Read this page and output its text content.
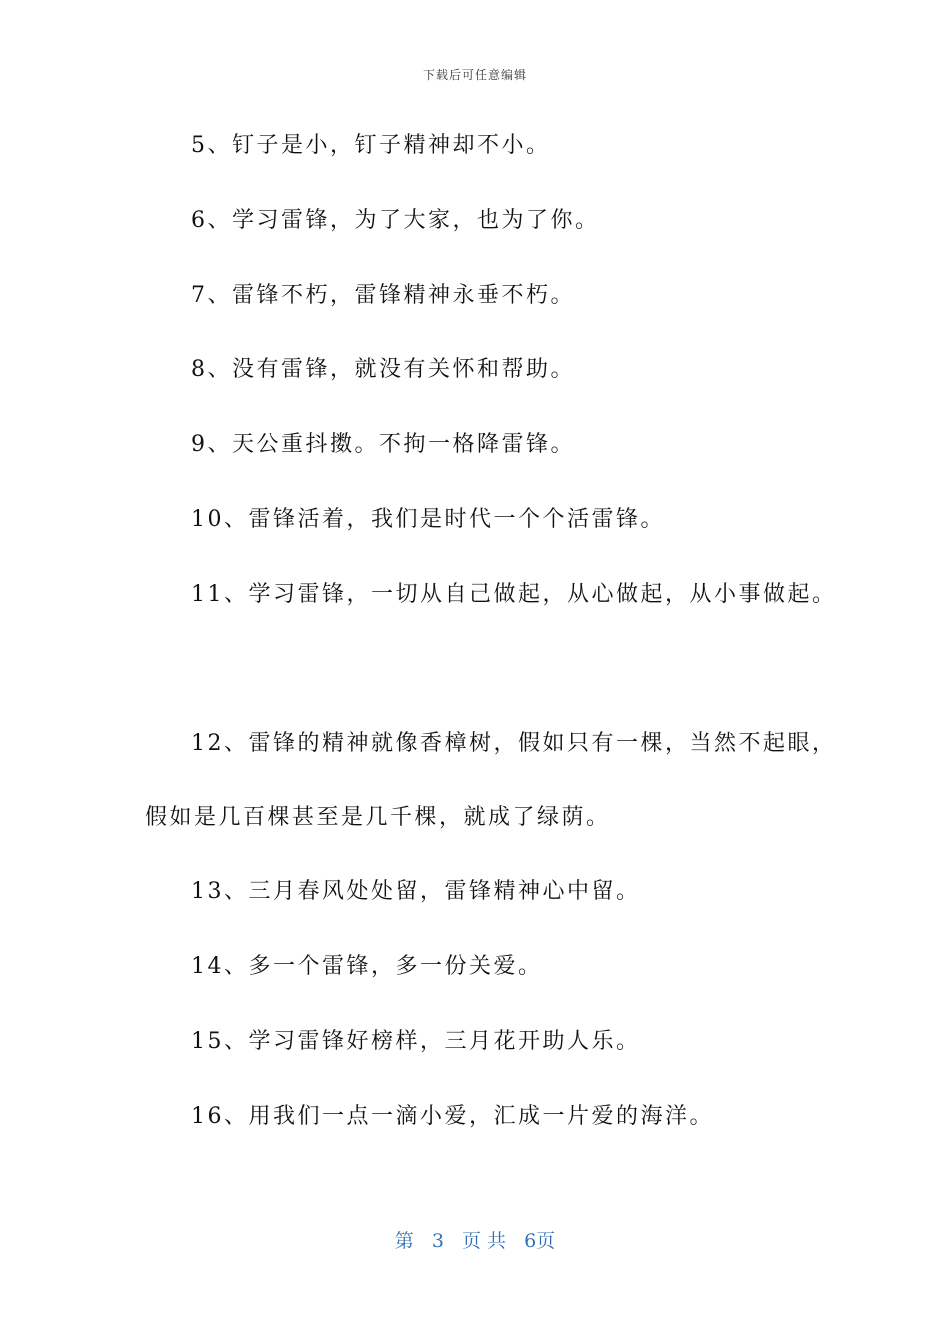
下载后可任意编辑
5、钉子是小，钉子精神却不小。
6、学习雷锋，为了大家，也为了你。
7、雷锋不朽，雷锋精神永垂不朽。
8、没有雷锋，就没有关怀和帮助。
9、天公重抖擞。不拘一格降雷锋。
10、雷锋活着，我们是时代一个个活雷锋。
11、学习雷锋，一切从自己做起，从心做起，从小事做起。
12、雷锋的精神就像香樟树，假如只有一棵，当然不起眼，
假如是几百棵甚至是几千棵，就成了绿荫。
13、三月春风处处留，雷锋精神心中留。
14、多一个雷锋，多一份关爱。
15、学习雷锋好榜样，三月花开助人乐。
16、用我们一点一滴小爱，汇成一片爱的海洋。
第 3 页 共 6页
